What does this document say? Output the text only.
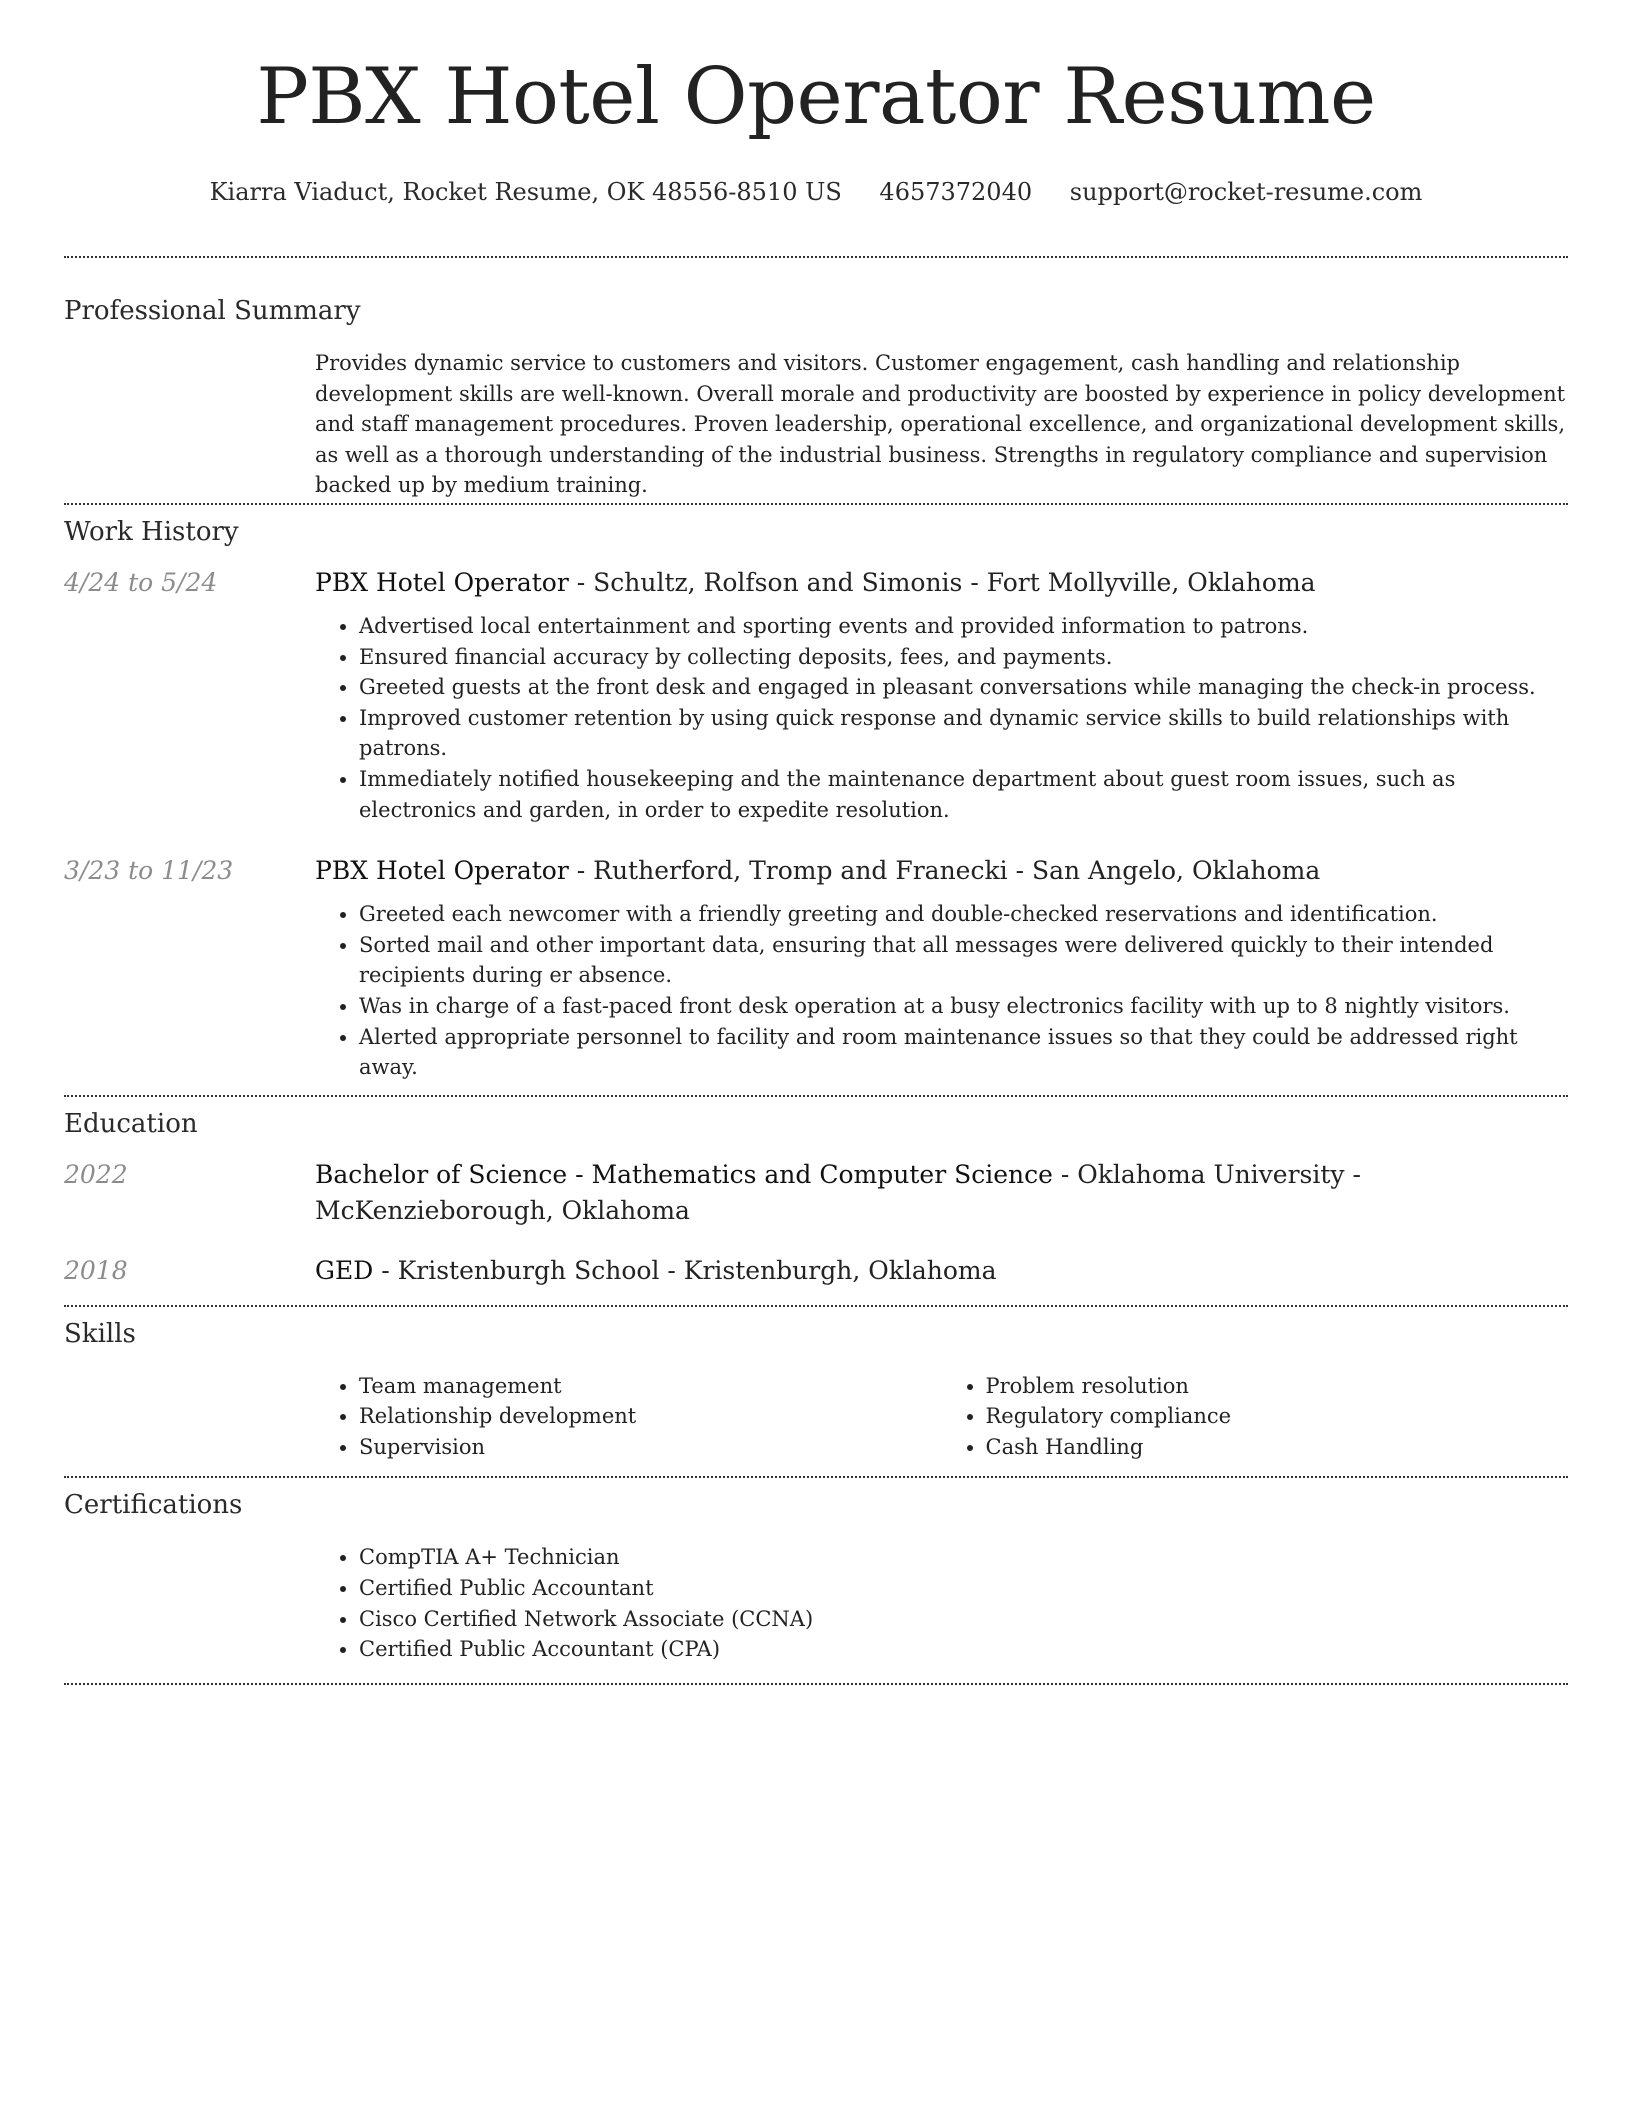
PBX Hotel Operator Resume
Kiarra Viaduct, Rocket Resume, OK 48556-8510 US 4657372040 support@rocket-resume.com
Professional Summary
Provides dynamic service to customers and visitors. Customer engagement, cash handling and relationship development skills are well-known. Overall morale and productivity are boosted by experience in policy development and staff management procedures. Proven leadership, operational excellence, and organizational development skills, as well as a thorough understanding of the industrial business. Strengths in regulatory compliance and supervision backed up by medium training.
Work History
4/24 to 5/24	PBX Hotel Operator - Schultz, Rolfson and Simonis - Fort Mollyville, Oklahoma
• Advertised local entertainment and sporting events and provided information to patrons.
• Ensured financial accuracy by collecting deposits, fees, and payments.
• Greeted guests at the front desk and engaged in pleasant conversations while managing the check-in process.
• Improved customer retention by using quick response and dynamic service skills to build relationships with patrons.
• Immediately notified housekeeping and the maintenance department about guest room issues, such as electronics and garden, in order to expedite resolution.
3/23 to 11/23	PBX Hotel Operator - Rutherford, Tromp and Franecki - San Angelo, Oklahoma
• Greeted each newcomer with a friendly greeting and double-checked reservations and identification.
• Sorted mail and other important data, ensuring that all messages were delivered quickly to their intended recipients during er absence.
• Was in charge of a fast-paced front desk operation at a busy electronics facility with up to 8 nightly visitors.
• Alerted appropriate personnel to facility and room maintenance issues so that they could be addressed right away.
Education
2022	Bachelor of Science - Mathematics and Computer Science - Oklahoma University - McKenzieborough, Oklahoma
2018	GED - Kristenburgh School - Kristenburgh, Oklahoma
Skills
• Team management
• Relationship development
• Supervision
• Problem resolution
• Regulatory compliance
• Cash Handling
Certifications
• CompTIA A+ Technician
• Certified Public Accountant
• Cisco Certified Network Associate (CCNA)
• Certified Public Accountant (CPA)
